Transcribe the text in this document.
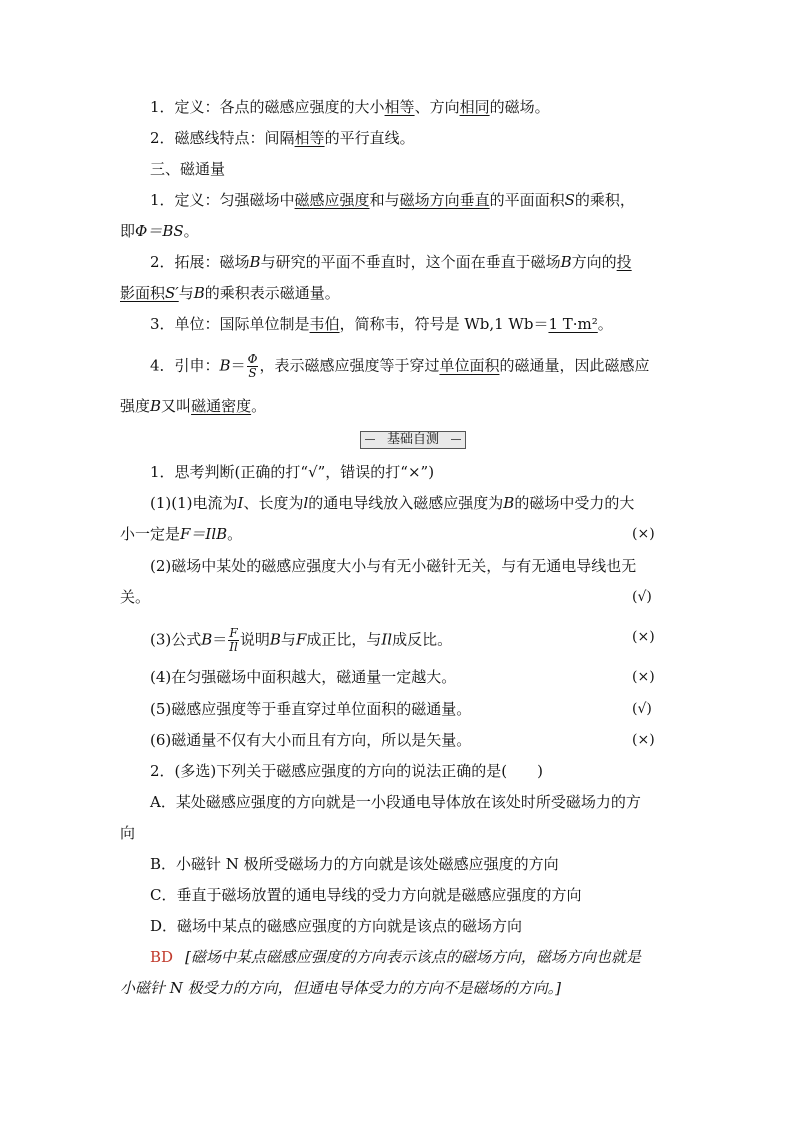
1．定义：各点的磁感应强度的大小相等、方向相同的磁场。
2．磁感线特点：间隔相等的平行直线。
三、磁通量
1．定义：匀强磁场中磁感应强度和与磁场方向垂直的平面面积S的乘积，
即Φ＝BS。
2．拓展：磁场B与研究的平面不垂直时，这个面在垂直于磁场B方向的投
影面积S′与B的乘积表示磁通量。
3．单位：国际单位制是韦伯，简称韦，符号是 Wb,1 Wb＝1 T·m²。
4．引申：$B= \frac{\Phi}{S}$ ，表示磁感应强度等于穿过单位面积的磁通量，因此磁感应
强度B又叫磁通密度。
基础自测
1．思考判断(正确的打“√”，错误的打“×”)
(1)(1)电流为I、长度为l的通电导线放入磁感应强度为B的磁场中受力的大
小一定是F＝IlB。	(×)
(2)磁场中某处的磁感应强度大小与有无小磁针无关，与有无通电导线也无
关。	(√)
(3)公式$B= \frac{F}{Il}$ 说明B与F成正比，与Il成反比。	(×)
(4)在匀强磁场中面积越大，磁通量一定越大。	(×)
(5)磁感应强度等于垂直穿过单位面积的磁通量。	(√)
(6)磁通量不仅有大小而且有方向，所以是矢量。	(×)
2．(多选)下列关于磁感应强度的方向的说法正确的是(　　)
A．某处磁感应强度的方向就是一小段通电导体放在该处时所受磁场力的方
向
B．小磁针 N 极所受磁场力的方向就是该处磁感应强度的方向
C．垂直于磁场放置的通电导线的受力方向就是磁感应强度的方向
D．磁场中某点的磁感应强度的方向就是该点的磁场方向
BD [磁场中某点磁感应强度的方向表示该点的磁场方向，磁场方向也就是
小磁针 N 极受力的方向，但通电导体受力的方向不是磁场的方向。]
